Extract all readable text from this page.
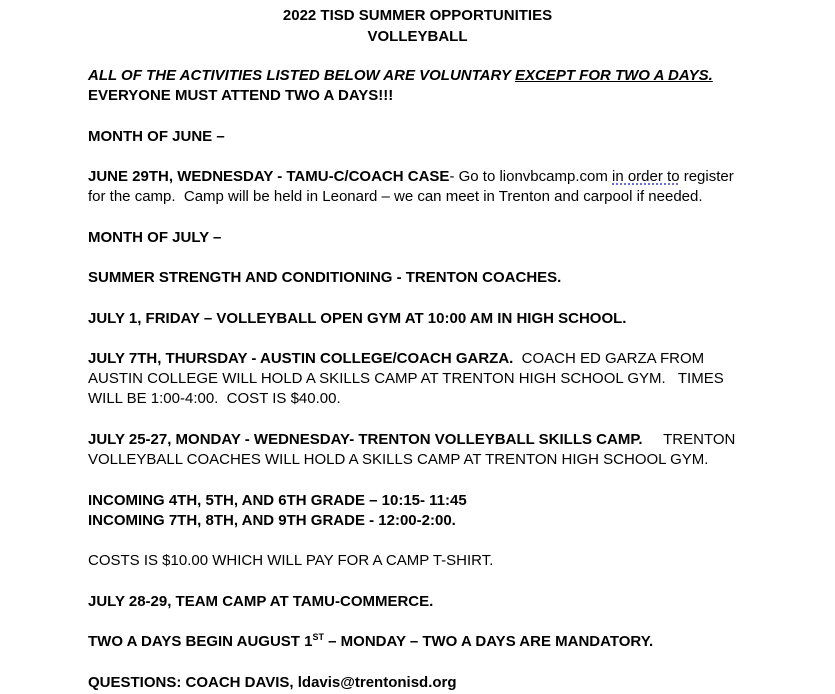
2022 TISD SUMMER OPPORTUNITIES
VOLLEYBALL
ALL OF THE ACTIVITIES LISTED BELOW ARE VOLUNTARY EXCEPT FOR TWO A DAYS.  EVERYONE MUST ATTEND TWO A DAYS!!!
MONTH OF JUNE –
JUNE 29TH, WEDNESDAY - TAMU-C/COACH CASE- Go to lionvbcamp.com in order to register for the camp.  Camp will be held in Leonard – we can meet in Trenton and carpool if needed.
MONTH OF JULY –
SUMMER STRENGTH AND CONDITIONING - TRENTON COACHES.
JULY 1, FRIDAY – VOLLEYBALL OPEN GYM AT 10:00 AM IN HIGH SCHOOL.
JULY 7TH, THURSDAY - AUSTIN COLLEGE/COACH GARZA.  COACH ED GARZA FROM AUSTIN COLLEGE WILL HOLD A SKILLS CAMP AT TRENTON HIGH SCHOOL GYM.   TIMES WILL BE 1:00-4:00.  COST IS $40.00.
JULY 25-27, MONDAY - WEDNESDAY- TRENTON VOLLEYBALL SKILLS CAMP.     TRENTON VOLLEYBALL COACHES WILL HOLD A SKILLS CAMP AT TRENTON HIGH SCHOOL GYM.
INCOMING 4TH, 5TH, AND 6TH GRADE – 10:15- 11:45
INCOMING 7TH, 8TH, AND 9TH GRADE - 12:00-2:00.
COSTS IS $10.00 WHICH WILL PAY FOR A CAMP T-SHIRT.
JULY 28-29, TEAM CAMP AT TAMU-COMMERCE.
TWO A DAYS BEGIN AUGUST 1ST – MONDAY – TWO A DAYS ARE MANDATORY.
QUESTIONS: COACH DAVIS, ldavis@trentonisd.org
